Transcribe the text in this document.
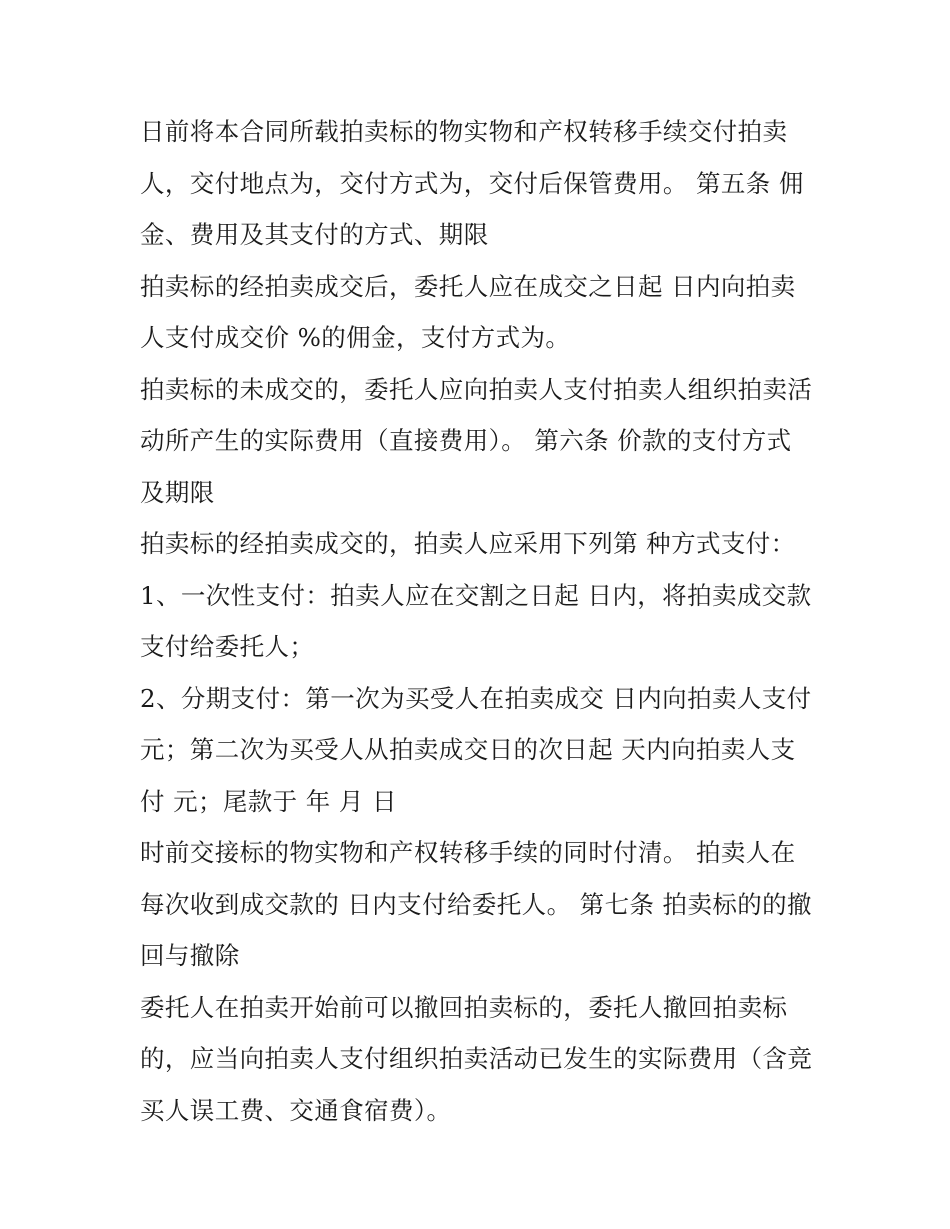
日前将本合同所载拍卖标的物实物和产权转移手续交付拍卖
人，交付地点为，交付方式为，交付后保管费用。 第五条 佣
金、费用及其支付的方式、期限
拍卖标的经拍卖成交后，委托人应在成交之日起 日内向拍卖
人支付成交价 %的佣金，支付方式为。
拍卖标的未成交的，委托人应向拍卖人支付拍卖人组织拍卖活
动所产生的实际费用（直接费用）。 第六条 价款的支付方式
及期限
拍卖标的经拍卖成交的，拍卖人应采用下列第 种方式支付：
1、一次性支付：拍卖人应在交割之日起 日内，将拍卖成交款
支付给委托人；
2、分期支付：第一次为买受人在拍卖成交 日内向拍卖人支付
元；第二次为买受人从拍卖成交日的次日起 天内向拍卖人支
付 元；尾款于 年 月 日
时前交接标的物实物和产权转移手续的同时付清。 拍卖人在
每次收到成交款的 日内支付给委托人。 第七条 拍卖标的的撤
回与撤除
委托人在拍卖开始前可以撤回拍卖标的，委托人撤回拍卖标
的，应当向拍卖人支付组织拍卖活动已发生的实际费用（含竞
买人误工费、交通食宿费）。
